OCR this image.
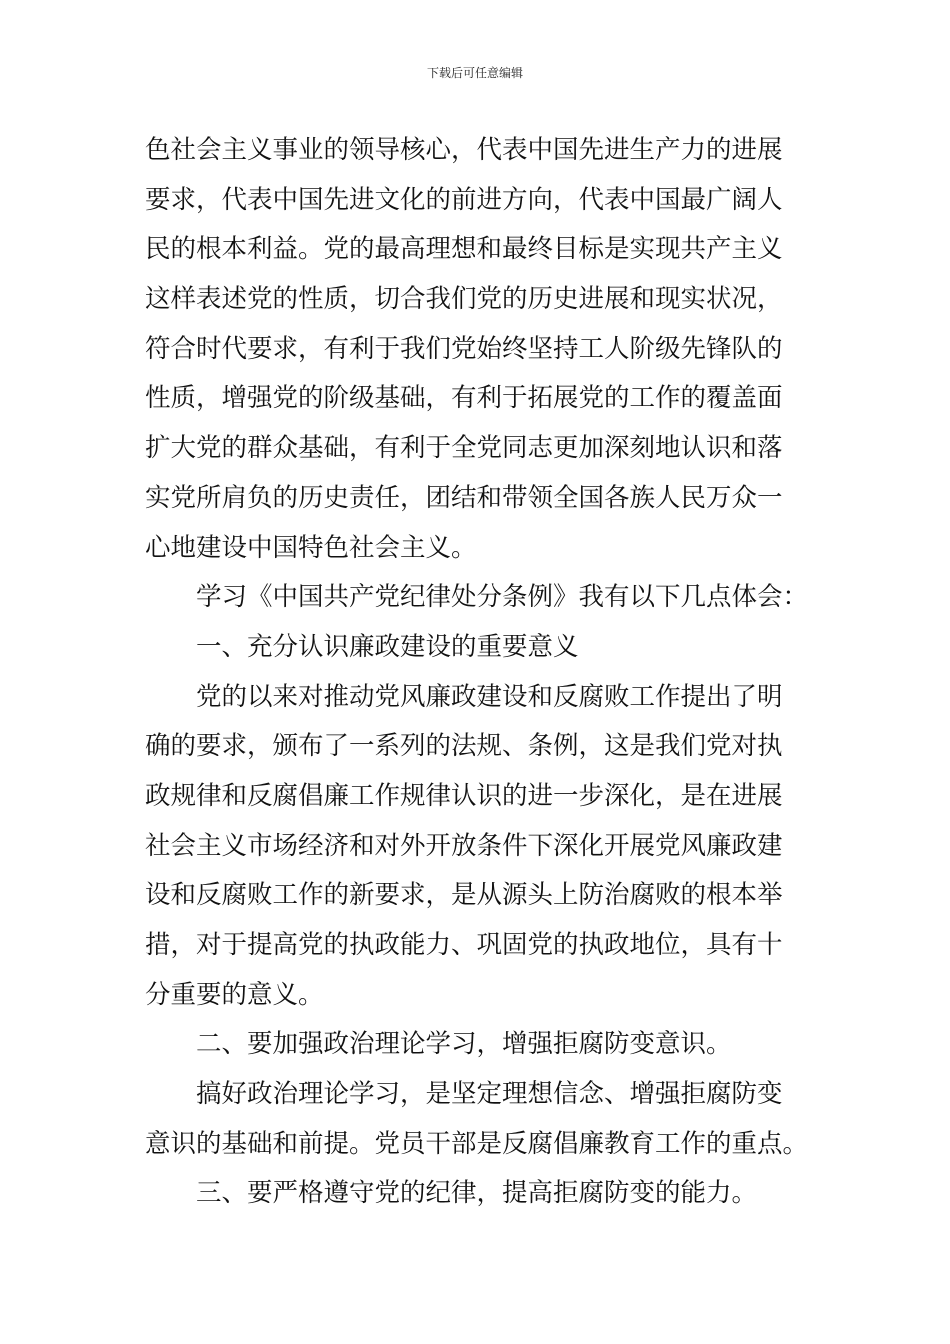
下载后可任意编辑
色社会主义事业的领导核心，代表中国先进生产力的进展
要求，代表中国先进文化的前进方向，代表中国最广阔人
民的根本利益。党的最高理想和最终目标是实现共产主义
这样表述党的性质，切合我们党的历史进展和现实状况，
符合时代要求，有利于我们党始终坚持工人阶级先锋队的
性质，增强党的阶级基础，有利于拓展党的工作的覆盖面
扩大党的群众基础，有利于全党同志更加深刻地认识和落
实党所肩负的历史责任，团结和带领全国各族人民万众一
心地建设中国特色社会主义。
学习《中国共产党纪律处分条例》我有以下几点体会：
一、充分认识廉政建设的重要意义
党的以来对推动党风廉政建设和反腐败工作提出了明
确的要求，颁布了一系列的法规、条例，这是我们党对执
政规律和反腐倡廉工作规律认识的进一步深化，是在进展
社会主义市场经济和对外开放条件下深化开展党风廉政建
设和反腐败工作的新要求，是从源头上防治腐败的根本举
措，对于提高党的执政能力、巩固党的执政地位，具有十
分重要的意义。
二、要加强政治理论学习，增强拒腐防变意识。
搞好政治理论学习，是坚定理想信念、增强拒腐防变
意识的基础和前提。党员干部是反腐倡廉教育工作的重点。
三、要严格遵守党的纪律，提高拒腐防变的能力。
